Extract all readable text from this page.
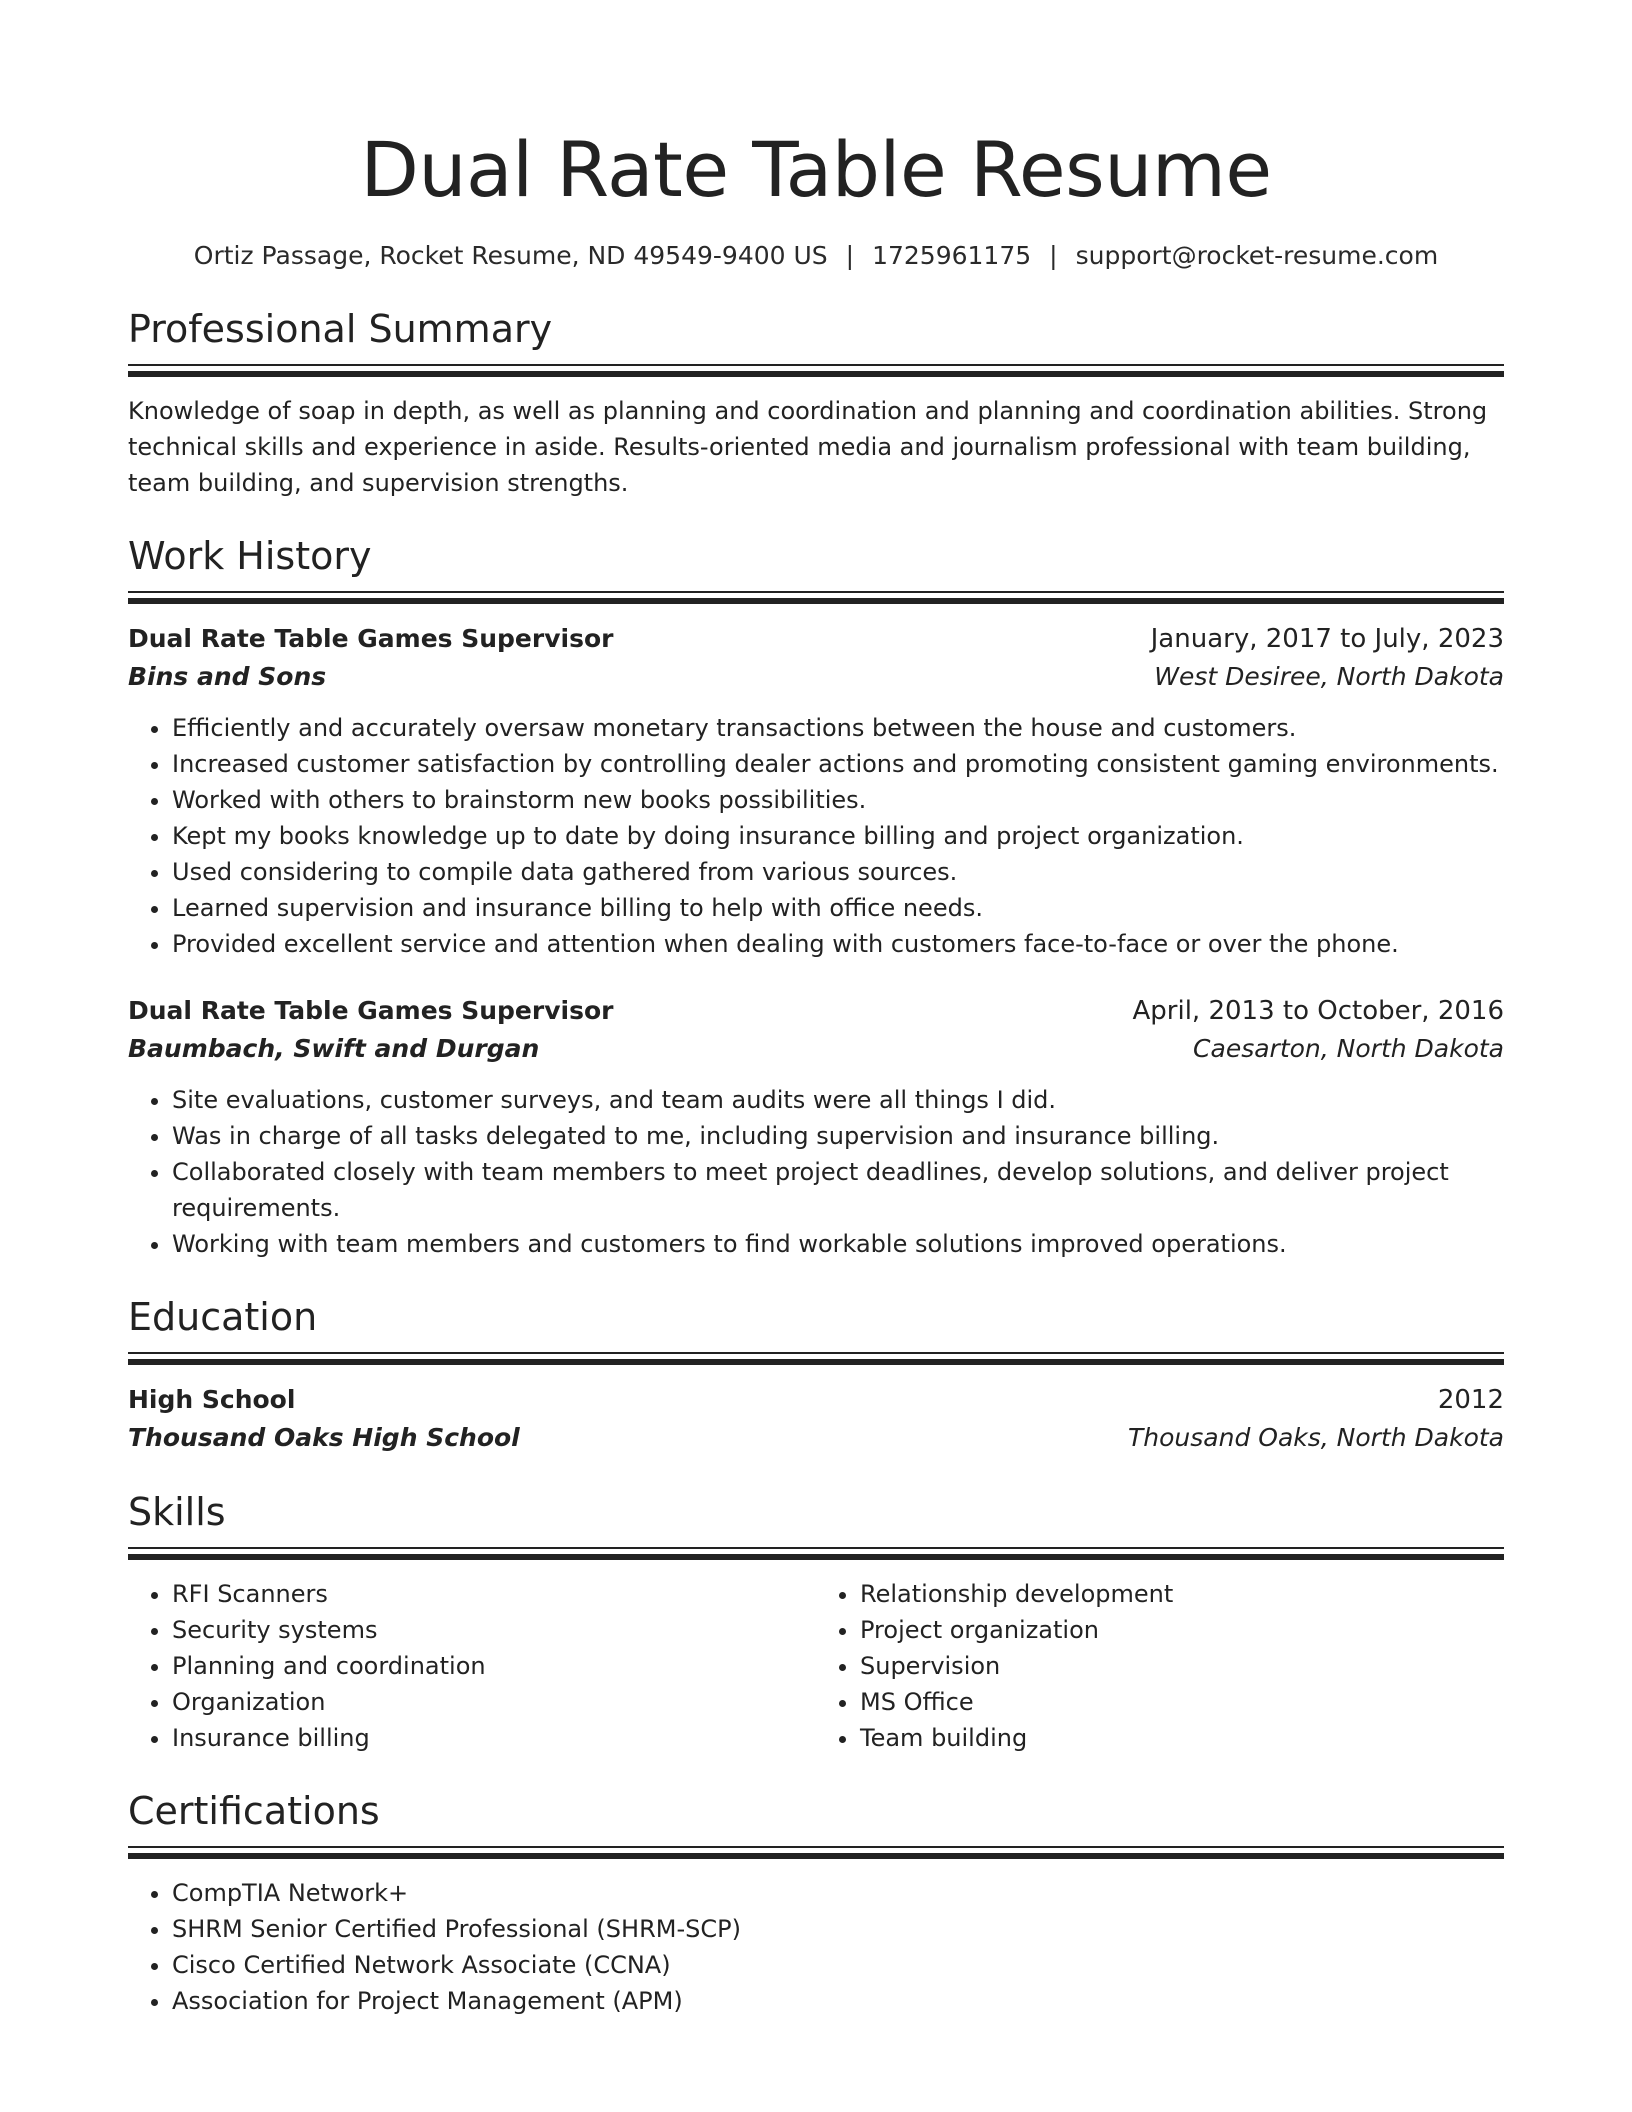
Dual Rate Table Resume
Ortiz Passage, Rocket Resume, ND 49549-9400 US | 1725961175 | support@rocket-resume.com
Professional Summary

Knowledge of soap in depth, as well as planning and coordination and planning and coordination abilities. Strong technical skills and experience in aside. Results-oriented media and journalism professional with team building, team building, and supervision strengths.

Work History
Dual Rate Table Games Supervisor	January, 2017 to July, 2023
Bins and Sons	West Desiree, North Dakota
• Efficiently and accurately oversaw monetary transactions between the house and customers.
• Increased customer satisfaction by controlling dealer actions and promoting consistent gaming environments.
• Worked with others to brainstorm new books possibilities.
• Kept my books knowledge up to date by doing insurance billing and project organization.
• Used considering to compile data gathered from various sources.
• Learned supervision and insurance billing to help with office needs.
• Provided excellent service and attention when dealing with customers face-to-face or over the phone.
Dual Rate Table Games Supervisor	April, 2013 to October, 2016
Baumbach, Swift and Durgan	Caesarton, North Dakota
• Site evaluations, customer surveys, and team audits were all things I did.
• Was in charge of all tasks delegated to me, including supervision and insurance billing.
• Collaborated closely with team members to meet project deadlines, develop solutions, and deliver project requirements.
• Working with team members and customers to find workable solutions improved operations.
Education
High School	2012
Thousand Oaks High School	Thousand Oaks, North Dakota
Skills
• RFI Scanners
• Security systems
• Planning and coordination
• Organization
• Insurance billing
• Relationship development
• Project organization
• Supervision
• MS Office
• Team building
Certifications
• CompTIA Network+
• SHRM Senior Certified Professional (SHRM-SCP)
• Cisco Certified Network Associate (CCNA)
• Association for Project Management (APM)
